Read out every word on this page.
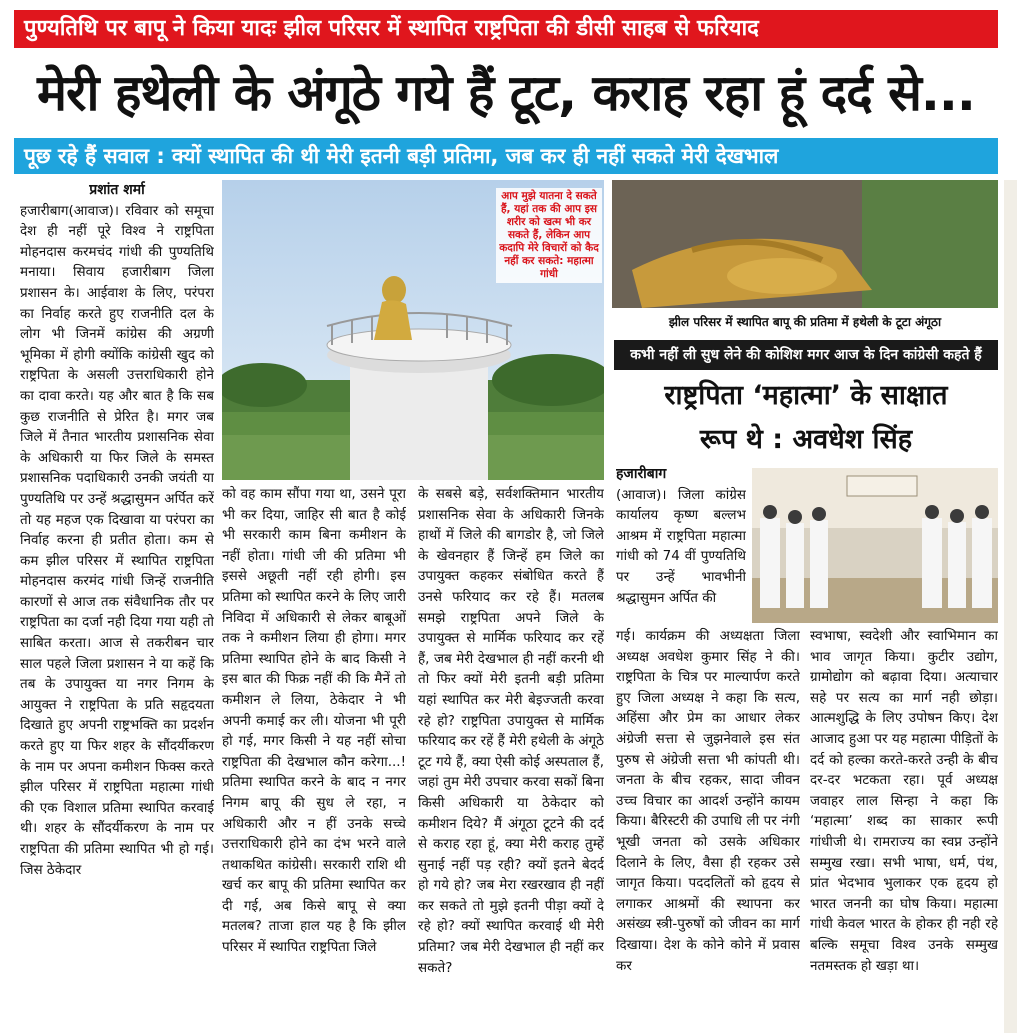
पुण्यतिथि पर बापू ने किया यादः झील परिसर में स्थापित राष्ट्रपिता की डीसी साहब से फरियाद
मेरी हथेली के अंगूठे गये हैं टूट, कराह रहा हूं दर्द से...
पूछ रहे हैं सवाल : क्यों स्थापित की थी मेरी इतनी बड़ी प्रतिमा, जब कर ही नहीं सकते मेरी देखभाल

प्रशांत शर्मा

हजारीबाग(आवाज)। रविवार को समूचा देश ही नहीं पूरे विश्व ने राष्ट्रपिता मोहनदास करमचंद गांधी की पुण्यतिथि मनाया। सिवाय हजारीबाग जिला प्रशासन के। आईवाश के लिए, परंपरा का निर्वाह करते हुए राजनीति दल के लोग भी जिनमें कांग्रेस की अग्रणी भूमिका में होगी क्योंकि कांग्रेसी खुद को राष्ट्रपिता के असली उत्तराधिकारी होने का दावा करते। यह और बात है कि सब कुछ राजनीति से प्रेरित है। मगर जब जिले में तैनात भारतीय प्रशासनिक सेवा के अधिकारी या फिर जिले के समस्त प्रशासनिक पदाधिकारी उनकी जयंती या पुण्यतिथि पर उन्हें श्रद्धासुमन अर्पित करें तो यह महज एक दिखावा या परंपरा का निर्वाह करना ही प्रतीत होता। कम से कम झील परिसर में स्थापित राष्ट्रपिता मोहनदास करमंद गांधी जिन्हें राजनीति कारणों से आज तक संवैधानिक तौर पर राष्ट्रपिता का दर्जा नही दिया गया यही तो साबित करता। आज से तकरीबन चार साल पहले जिला प्रशासन ने या कहें कि तब के उपायुक्त या नगर निगम के आयुक्त ने राष्ट्रपिता के प्रति सहृदयता दिखाते हुए अपनी राष्ट्रभक्ति का प्रदर्शन करते हुए या फिर शहर के सौंदर्यीकरण के नाम पर अपना कमीशन फिक्स करते झील परिसर में राष्ट्रपिता महात्मा गांधी की एक विशाल प्रतिमा स्थापित करवाई थी। शहर के सौंदर्यीकरण के नाम पर राष्ट्रपिता की प्रतिमा स्थापित भी हो गई। जिस ठेकेदार

आप मुझे यातना दे सकते हैं, यहां तक की आप इस शरीर को खत्म भी कर सकते हैं, लेकिन आप कदापि मेरे विचारों को कैद नहीं कर सकते: महात्मा गांधी
झील परिसर में स्थापित बापू की प्रतिमा में हथेली के टूटा अंगूठा
कभी नहीं ली सुध लेने की कोशिश मगर आज के दिन कांग्रेसी कहते हैं
राष्ट्रपिता ‘महात्मा’ के साक्षात
रूप थे : अवधेश सिंह

को वह काम सौंपा गया था, उसने पूरा भी कर दिया, जाहिर सी बात है कोई भी सरकारी काम बिना कमीशन के नहीं होता। गांधी जी की प्रतिमा भी इससे अछूती नहीं रही होगी। इस प्रतिमा को स्थापित करने के लिए जारी निविदा में अधिकारी से लेकर बाबूओं तक ने कमीशन लिया ही होगा। मगर प्रतिमा स्थापित होने के बाद किसी ने इस बात की फिक्र नहीं की कि मैनें तो कमीशन ले लिया, ठेकेदार ने भी अपनी कमाई कर ली। योजना भी पूरी हो गई, मगर किसी ने यह नहीं सोचा राष्ट्रपिता की देखभाल कौन करेगा...! प्रतिमा स्थापित करने के बाद न नगर निगम बापू की सुध ले रहा, न अधिकारी और न हीं उनके सच्चे उत्तराधिकारी होने का दंभ भरने वाले तथाकथित कांग्रेसी। सरकारी राशि थी खर्च कर बापू की प्रतिमा स्थापित कर दी गई, अब किसे बापू से क्या मतलब? ताजा हाल यह है कि झील परिसर में स्थापित राष्ट्रपिता जिले

के सबसे बड़े, सर्वशक्तिमान भारतीय प्रशासनिक सेवा के अधिकारी जिनके हाथों में जिले की बागडोर है, जो जिले के खेवनहार हैं जिन्हें हम जिले का उपायुक्त कहकर संबोधित करते हैं उनसे फरियाद कर रहे हैं। मतलब समझे राष्ट्रपिता अपने जिले के उपायुक्त से मार्मिक फरियाद कर रहें हैं, जब मेरी देखभाल ही नहीं करनी थी तो फिर क्यों मेरी इतनी बड़ी प्रतिमा यहां स्थापित कर मेरी बेइज्जती करवा रहे हो? राष्ट्रपिता उपायुक्त से मार्मिक फरियाद कर रहें हैं मेरी हथेली के अंगूठे टूट गये हैं, क्या ऐसी कोई अस्पताल हैं, जहां तुम मेरी उपचार करवा सकों बिना किसी अधिकारी या ठेकेदार को कमीशन दिये? मैं अंगूठा टूटने की दर्द से कराह रहा हूं, क्या मेरी कराह तुम्हें सुनाई नहीं पड़ रही? क्यों इतने बेदर्द हो गये हो? जब मेरा रखरखाव ही नहीं कर सकते तो मुझे इतनी पीड़ा क्यों दे रहे हो? क्यों स्थापित करवाई थी मेरी प्रतिमा? जब मेरी देखभाल ही नहीं कर सकते?

हजारीबाग

(आवाज)। जिला कांग्रेस कार्यालय कृष्ण बल्लभ आश्रम में राष्ट्रपिता महात्मा गांधी को 74 वीं पुण्यतिथि पर उन्हें भावभीनी श्रद्धासुमन अर्पित की

गई। कार्यक्रम की अध्यक्षता जिला अध्यक्ष अवधेश कुमार सिंह ने की। राष्ट्रपिता के चित्र पर माल्यार्पण करते हुए जिला अध्यक्ष ने कहा कि सत्य, अहिंसा और प्रेम का आधार लेकर अंग्रेजी सत्ता से जुझनेवाले इस संत पुरुष से अंग्रेजी सत्ता भी कांपती थी। जनता के बीच रहकर, सादा जीवन उच्च विचार का आदर्श उन्होंने कायम किया। बैरिस्टरी की उपाधि ली पर नंगी भूखी जनता को उसके अधिकार दिलाने के लिए, वैसा ही रहकर उसे जागृत किया। पददलितों को हृदय से लगाकर आश्रमों की स्थापना कर असंख्य स्त्री-पुरुषों को जीवन का मार्ग दिखाया। देश के कोने कोने में प्रवास कर

स्वभाषा, स्वदेशी और स्वाभिमान का भाव जागृत किया। कुटीर उद्योग, ग्रामोद्योग को बढ़ावा दिया। अत्याचार सहे पर सत्य का मार्ग नही छोड़ा। आत्मशुद्धि के लिए उपोषन किए। देश आजाद हुआ पर यह महात्मा पीड़ितों के दर्द को हल्का करते-करते उन्ही के बीच दर-दर भटकता रहा। पूर्व अध्यक्ष जवाहर लाल सिन्हा ने कहा कि ‘महात्मा’ शब्द का साकार रूपी गांधीजी थे। रामराज्य का स्वप्न उन्होंने सम्मुख रखा। सभी भाषा, धर्म, पंथ, प्रांत भेदभाव भुलाकर एक हृदय हो भारत जननी का घोष किया। महात्मा गांधी केवल भारत के होकर ही नही रहे बल्कि समूचा विश्व उनके सम्मुख नतमस्तक हो खड़ा था।
